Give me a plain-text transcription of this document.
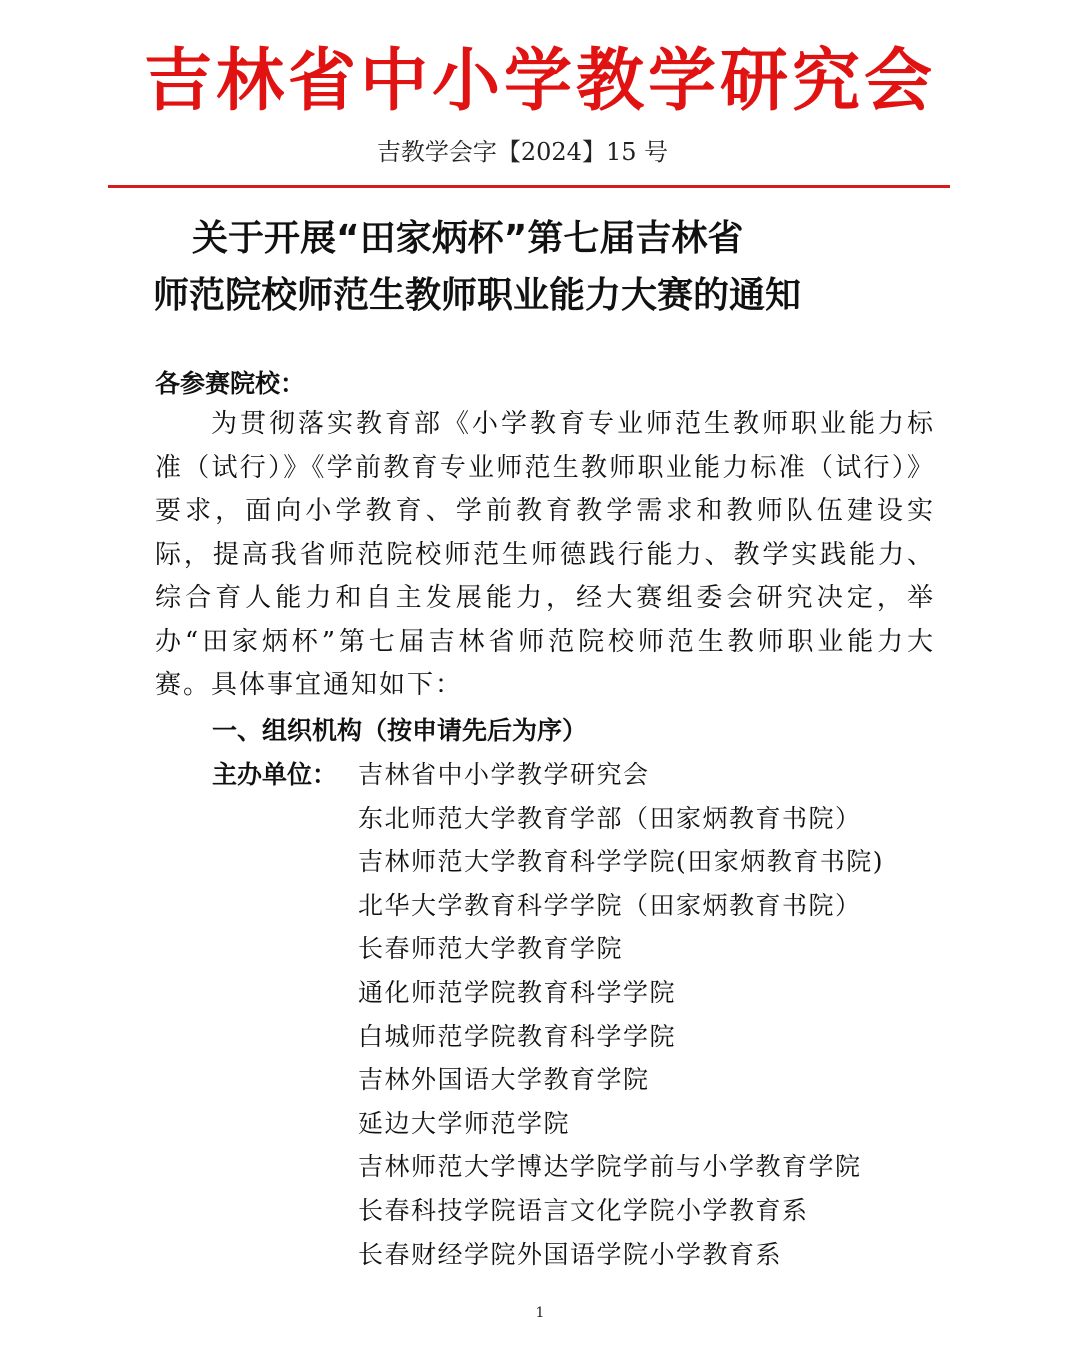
吉林省中小学教学研究会
吉教学会字【2024】15 号
关于开展“田家炳杯”第七届吉林省
师范院校师范生教师职业能力大赛的通知
各参赛院校：

为贯彻落实教育部《小学教育专业师范生教师职业能力标准（试行）》《学前教育专业师范生教师职业能力标准（试行）》要求，面向小学教育、学前教育教学需求和教师队伍建设实际，提高我省师范院校师范生师德践行能力、教学实践能力、综合育人能力和自主发展能力，经大赛组委会研究决定，举办“田家炳杯”第七届吉林省师范院校师范生教师职业能力大赛。具体事宜通知如下：

一、组织机构（按申请先后为序）
主办单位： 吉林省中小学教学研究会
东北师范大学教育学部（田家炳教育书院）
吉林师范大学教育科学学院(田家炳教育书院)
北华大学教育科学学院（田家炳教育书院）
长春师范大学教育学院
通化师范学院教育科学学院
白城师范学院教育科学学院
吉林外国语大学教育学院
延边大学师范学院
吉林师范大学博达学院学前与小学教育学院
长春科技学院语言文化学院小学教育系
长春财经学院外国语学院小学教育系
1
